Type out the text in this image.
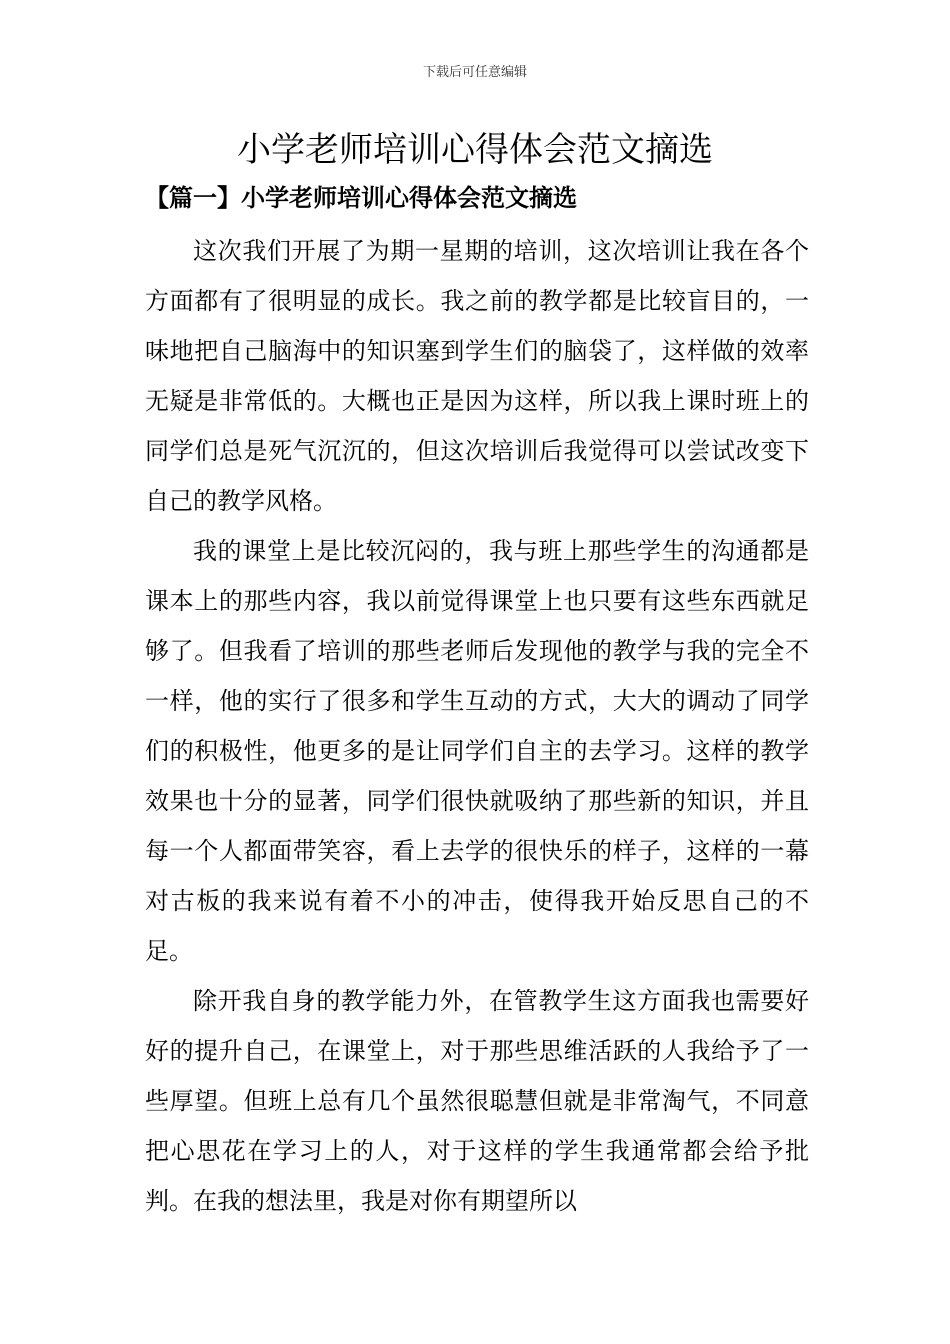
下载后可任意编辑
小学老师培训心得体会范文摘选
【篇一】小学老师培训心得体会范文摘选

这次我们开展了为期一星期的培训，这次培训让我在各个方面都有了很明显的成长。我之前的教学都是比较盲目的，一味地把自己脑海中的知识塞到学生们的脑袋了，这样做的效率无疑是非常低的。大概也正是因为这样，所以我上课时班上的同学们总是死气沉沉的，但这次培训后我觉得可以尝试改变下自己的教学风格。

我的课堂上是比较沉闷的，我与班上那些学生的沟通都是课本上的那些内容，我以前觉得课堂上也只要有这些东西就足够了。但我看了培训的那些老师后发现他的教学与我的完全不一样，他的实行了很多和学生互动的方式，大大的调动了同学们的积极性，他更多的是让同学们自主的去学习。这样的教学效果也十分的显著，同学们很快就吸纳了那些新的知识，并且每一个人都面带笑容，看上去学的很快乐的样子，这样的一幕对古板的我来说有着不小的冲击，使得我开始反思自己的不足。

除开我自身的教学能力外，在管教学生这方面我也需要好好的提升自己，在课堂上，对于那些思维活跃的人我给予了一些厚望。但班上总有几个虽然很聪慧但就是非常淘气，不同意把心思花在学习上的人，对于这样的学生我通常都会给予批判。在我的想法里，我是对你有期望所以
